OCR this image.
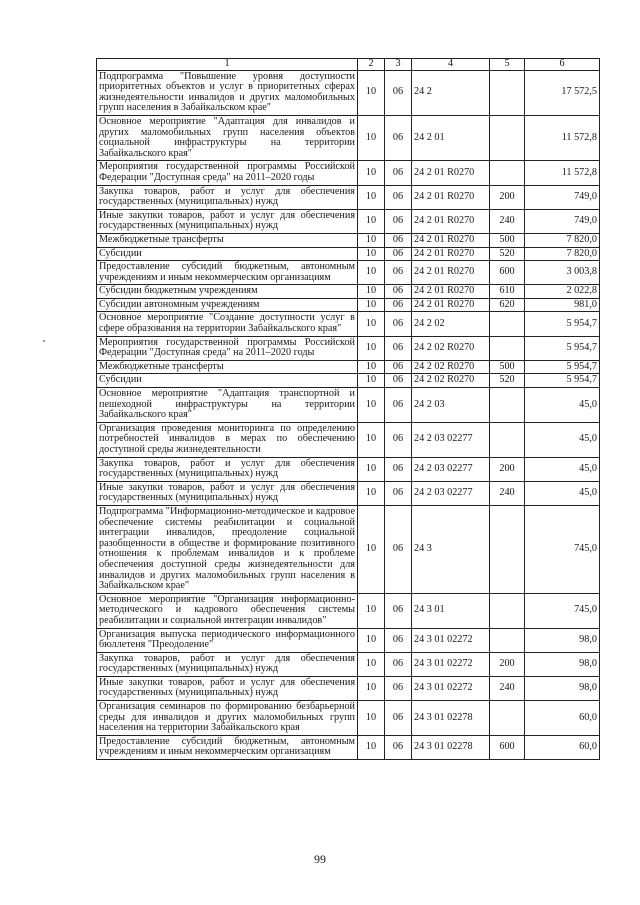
1	2	3	4	5	6
Подпрограмма "Повышение уровня доступности приоритетных объектов и услуг в приоритетных сферах жизнедеятельности инвалидов и других маломобильных групп населения в Забайкальском крае"	10	06	24 2		17 572,5
Основное мероприятие "Адаптация для инвалидов и других маломобильных групп населения объектов социальной инфраструктуры на территории Забайкальского края"	10	06	24 2 01		11 572,8
Мероприятия государственной программы Российской Федерации "Доступная среда" на 2011–2020 годы	10	06	24 2 01 R0270		11 572,8
Закупка товаров, работ и услуг для обеспечения государственных (муниципальных) нужд	10	06	24 2 01 R0270	200	749,0
Иные закупки товаров, работ и услуг для обеспечения государственных (муниципальных) нужд	10	06	24 2 01 R0270	240	749,0
Межбюджетные трансферты	10	06	24 2 01 R0270	500	7 820,0
Субсидии	10	06	24 2 01 R0270	520	7 820,0
Предоставление субсидий бюджетным, автономным учреждениям и иным некоммерческим организациям	10	06	24 2 01 R0270	600	3 003,8
Субсидии бюджетным учреждениям	10	06	24 2 01 R0270	610	2 022,8
Субсидии автономным учреждениям	10	06	24 2 01 R0270	620	981,0
Основное мероприятие "Создание доступности услуг в сфере образования на территории Забайкальского края"	10	06	24 2 02		5 954,7
Мероприятия государственной программы Российской Федерации "Доступная среда" на 2011–2020 годы	10	06	24 2 02 R0270		5 954,7
Межбюджетные трансферты	10	06	24 2 02 R0270	500	5 954,7
Субсидии	10	06	24 2 02 R0270	520	5 954,7
Основное мероприятие "Адаптация транспортной и пешеходной инфраструктуры на территории Забайкальского края"	10	06	24 2 03		45,0
Организация проведения мониторинга по определению потребностей инвалидов в мерах по обеспечению доступной среды жизнедеятельности	10	06	24 2 03 02277		45,0
Закупка товаров, работ и услуг для обеспечения государственных (муниципальных) нужд	10	06	24 2 03 02277	200	45,0
Иные закупки товаров, работ и услуг для обеспечения государственных (муниципальных) нужд	10	06	24 2 03 02277	240	45,0
Подпрограмма "Информационно-методическое и кадровое обеспечение системы реабилитации и социальной интеграции инвалидов, преодоление социальной разобщенности в обществе и формирование позитивного отношения к проблемам инвалидов и к проблеме обеспечения доступной среды жизнедеятельности для инвалидов и других маломобильных групп населения в Забайкальском крае"	10	06	24 3		745,0
Основное мероприятие "Организация информационно-методического и кадрового обеспечения системы реабилитации и социальной интеграции инвалидов"	10	06	24 3 01		745,0
Организация выпуска периодического информационного бюллетеня "Преодоление"	10	06	24 3 01 02272		98,0
Закупка товаров, работ и услуг для обеспечения государственных (муниципальных) нужд	10	06	24 3 01 02272	200	98,0
Иные закупки товаров, работ и услуг для обеспечения государственных (муниципальных) нужд	10	06	24 3 01 02272	240	98,0
Организация семинаров по формированию безбарьерной среды для инвалидов и других маломобильных групп населения на территории Забайкальского края	10	06	24 3 01 02278		60,0
Предоставление субсидий бюджетным, автономным учреждениям и иным некоммерческим организациям	10	06	24 3 01 02278	600	60,0
99
